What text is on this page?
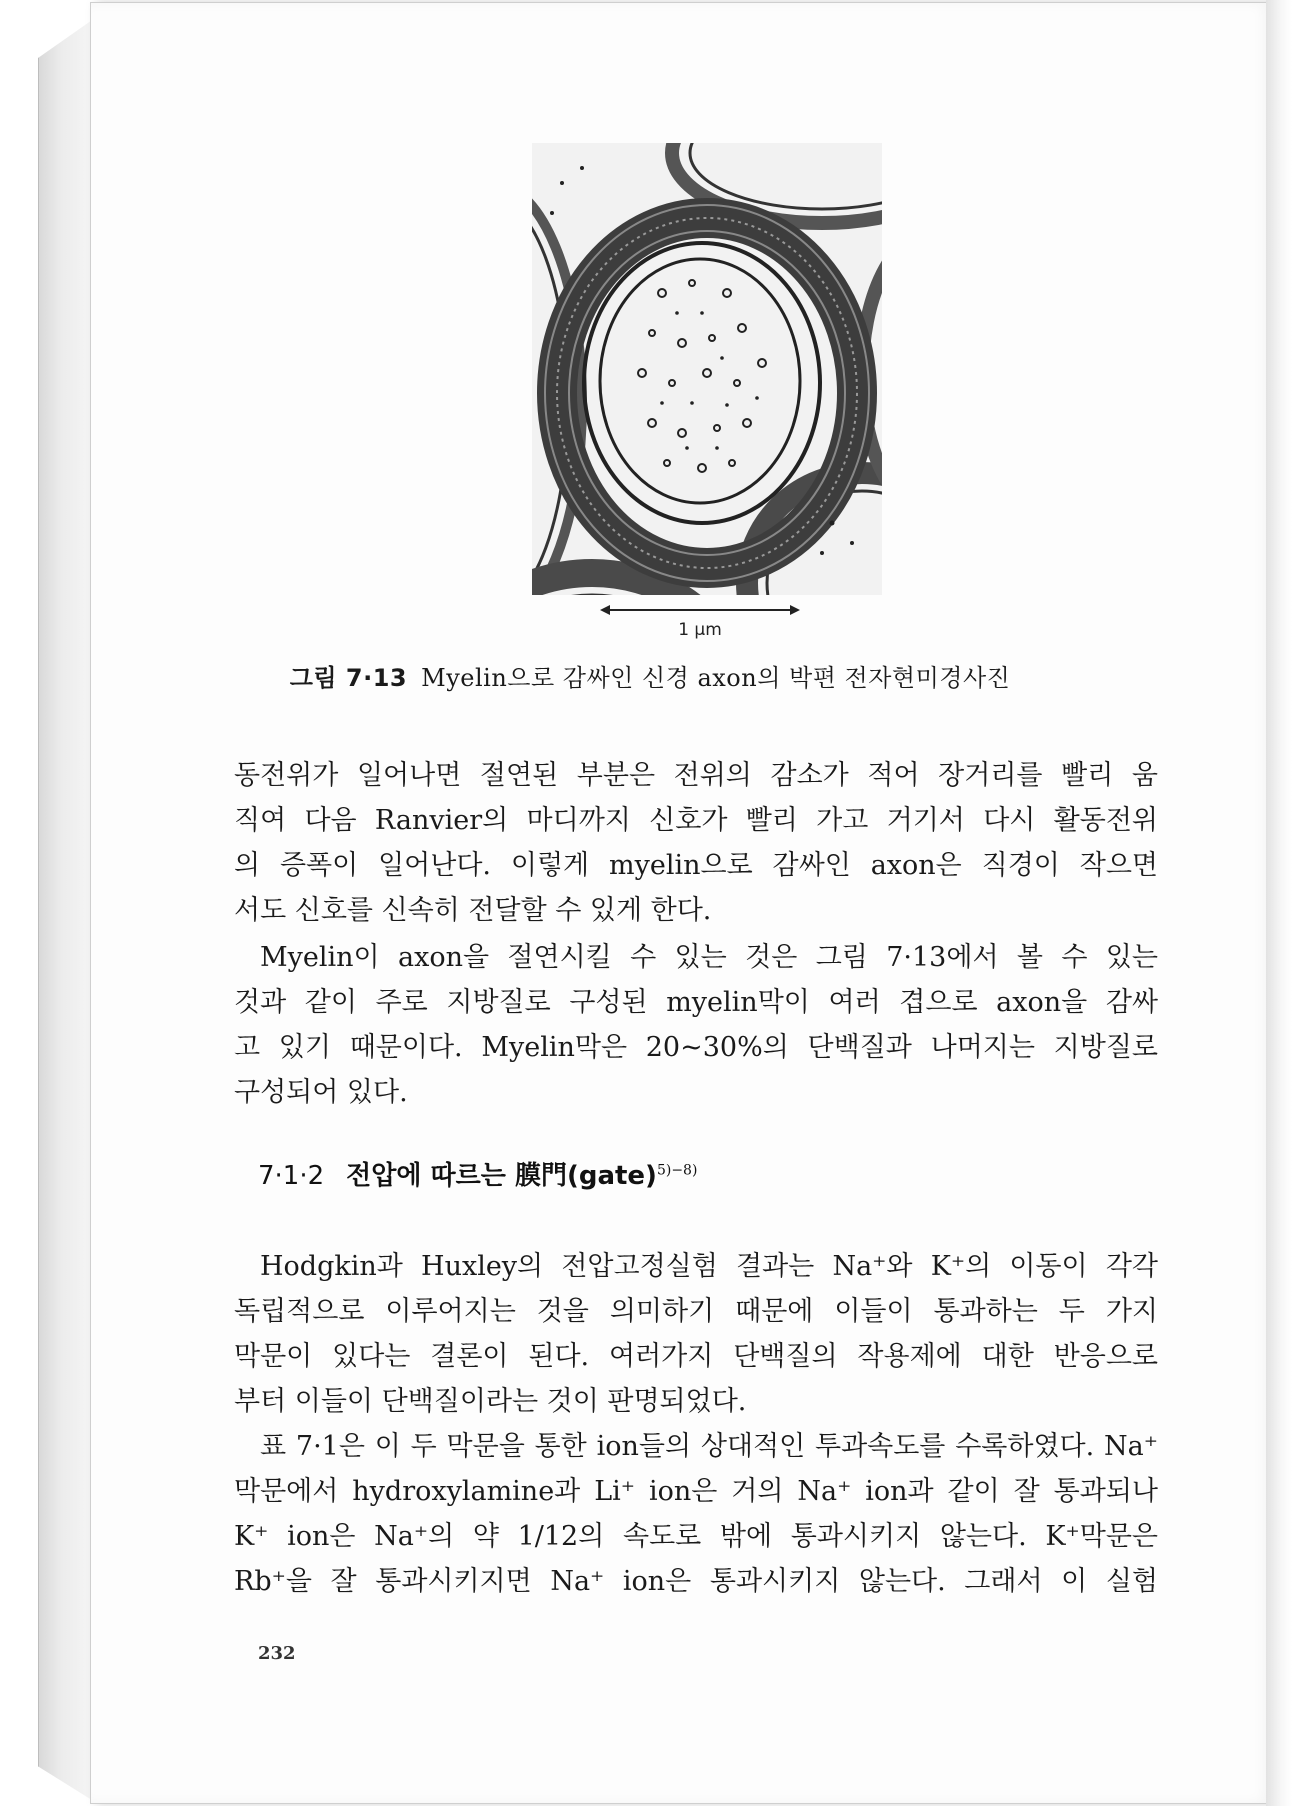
1 μm
그림 7·13 Myelin으로 감싸인 신경 axon의 박편 전자현미경사진

동전위가 일어나면 절연된 부분은 전위의 감소가 적어 장거리를 빨리 움

직여 다음 Ranvier의 마디까지 신호가 빨리 가고 거기서 다시 활동전위

의 증폭이 일어난다. 이렇게 myelin으로 감싸인 axon은 직경이 작으면

서도 신호를 신속히 전달할 수 있게 한다.

Myelin이 axon을 절연시킬 수 있는 것은 그림 7·13에서 볼 수 있는

것과 같이 주로 지방질로 구성된 myelin막이 여러 겹으로 axon을 감싸

고 있기 때문이다. Myelin막은 20~30%의 단백질과 나머지는 지방질로

구성되어 있다.

7·1·2 전압에 따르는 膜門(gate)$^{5)-8)}$

Hodgkin과 Huxley의 전압고정실험 결과는 Na⁺와 K⁺의 이동이 각각

독립적으로 이루어지는 것을 의미하기 때문에 이들이 통과하는 두 가지

막문이 있다는 결론이 된다. 여러가지 단백질의 작용제에 대한 반응으로

부터 이들이 단백질이라는 것이 판명되었다.

표 7·1은 이 두 막문을 통한 ion들의 상대적인 투과속도를 수록하였다. Na⁺

막문에서 hydroxylamine과 Li⁺ ion은 거의 Na⁺ ion과 같이 잘 통과되나

K⁺ ion은 Na⁺의 약 1/12의 속도로 밖에 통과시키지 않는다. K⁺막문은

Rb⁺을 잘 통과시키지면 Na⁺ ion은 통과시키지 않는다. 그래서 이 실험

232
